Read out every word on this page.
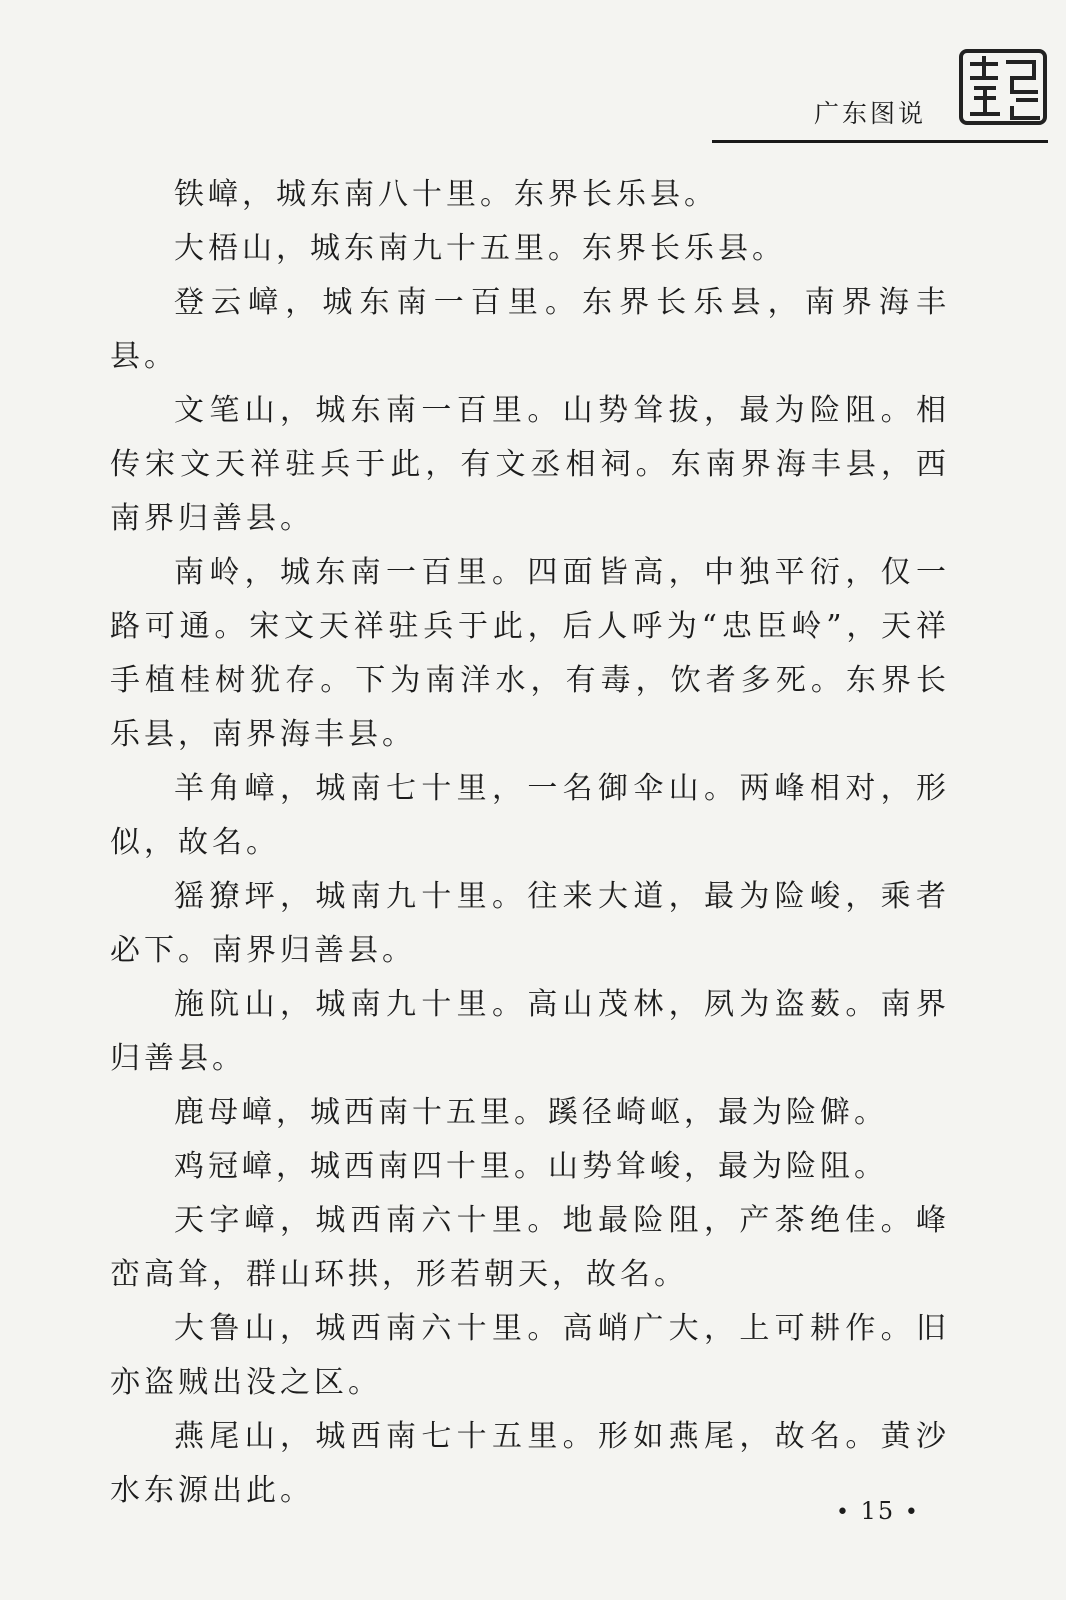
广东图说

铁嶂，城东南八十里。东界长乐县。

大梧山，城东南九十五里。东界长乐县。

登云嶂，城东南一百里。东界长乐县，南界海丰县。

文笔山，城东南一百里。山势耸拔，最为险阻。相传宋文天祥驻兵于此，有文丞相祠。东南界海丰县，西南界归善县。

南岭，城东南一百里。四面皆高，中独平衍，仅一路可通。宋文天祥驻兵于此，后人呼为“忠臣岭”，天祥手植桂树犹存。下为南洋水，有毒，饮者多死。东界长乐县，南界海丰县。

羊角嶂，城南七十里，一名御伞山。两峰相对，形似，故名。

猺獠坪，城南九十里。往来大道，最为险峻，乘者必下。南界归善县。

施阬山，城南九十里。高山茂林，夙为盗薮。南界归善县。

鹿母嶂，城西南十五里。蹊径崎岖，最为险僻。

鸡冠嶂，城西南四十里。山势耸峻，最为险阻。

天字嶂，城西南六十里。地最险阻，产茶绝佳。峰峦高耸，群山环拱，形若朝天，故名。

大鲁山，城西南六十里。高峭广大，上可耕作。旧亦盗贼出没之区。

燕尾山，城西南七十五里。形如燕尾，故名。黄沙水东源出此。

• 15 •
